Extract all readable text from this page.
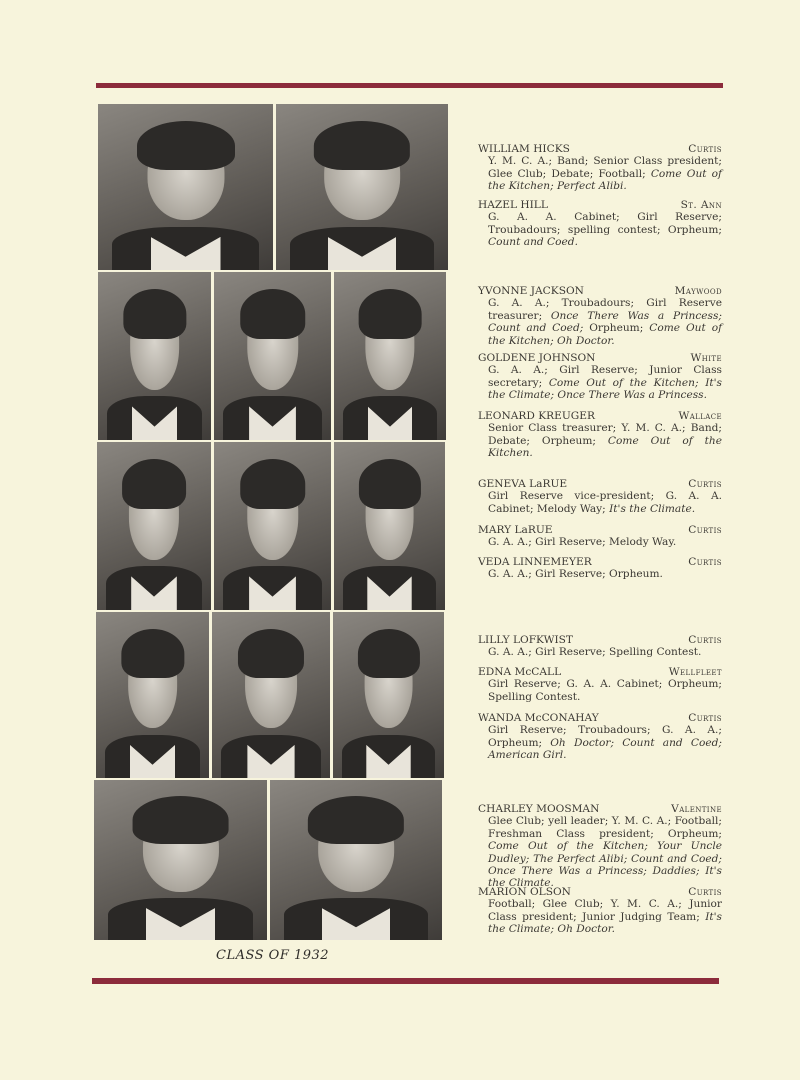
CLASS OF 1932
WILLIAM HICKS	Curtis
Y. M. C. A.; Band; Senior Class president; Glee Club; Debate; Football; Come Out of the Kitchen; Perfect Alibi.
HAZEL HILL	St. Ann
G. A. A. Cabinet; Girl Reserve; Troubadours; spelling contest; Orpheum; Count and Coed.
YVONNE JACKSON	Maywood
G. A. A.; Troubadours; Girl Reserve treasurer; Once There Was a Princess; Count and Coed; Orpheum; Come Out of the Kitchen; Oh Doctor.
GOLDENE JOHNSON	White
G. A. A.; Girl Reserve; Junior Class secretary; Come Out of the Kitchen; It's the Climate; Once There Was a Princess.
LEONARD KREUGER	Wallace
Senior Class treasurer; Y. M. C. A.; Band; Debate; Orpheum; Come Out of the Kitchen.
GENEVA LaRUE	Curtis
Girl Reserve vice-president; G. A. A. Cabinet; Melody Way; It's the Climate.
MARY LaRUE	Curtis
G. A. A.; Girl Reserve; Melody Way.
VEDA LINNEMEYER	Curtis
G. A. A.; Girl Reserve; Orpheum.
LILLY LOFKWIST	Curtis
G. A. A.; Girl Reserve; Spelling Contest.
EDNA McCALL	Wellfleet
Girl Reserve; G. A. A. Cabinet; Orpheum; Spelling Contest.
WANDA McCONAHAY	Curtis
Girl Reserve; Troubadours; G. A. A.; Orpheum; Oh Doctor; Count and Coed; American Girl.
CHARLEY MOOSMAN	Valentine
Glee Club; yell leader; Y. M. C. A.; Football; Freshman Class president; Orpheum; Come Out of the Kitchen; Your Uncle Dudley; The Perfect Alibi; Count and Coed; Once There Was a Princess; Daddies; It's the Climate.
MARION OLSON	Curtis
Football; Glee Club; Y. M. C. A.; Junior Class president; Junior Judging Team; It's the Climate; Oh Doctor.
